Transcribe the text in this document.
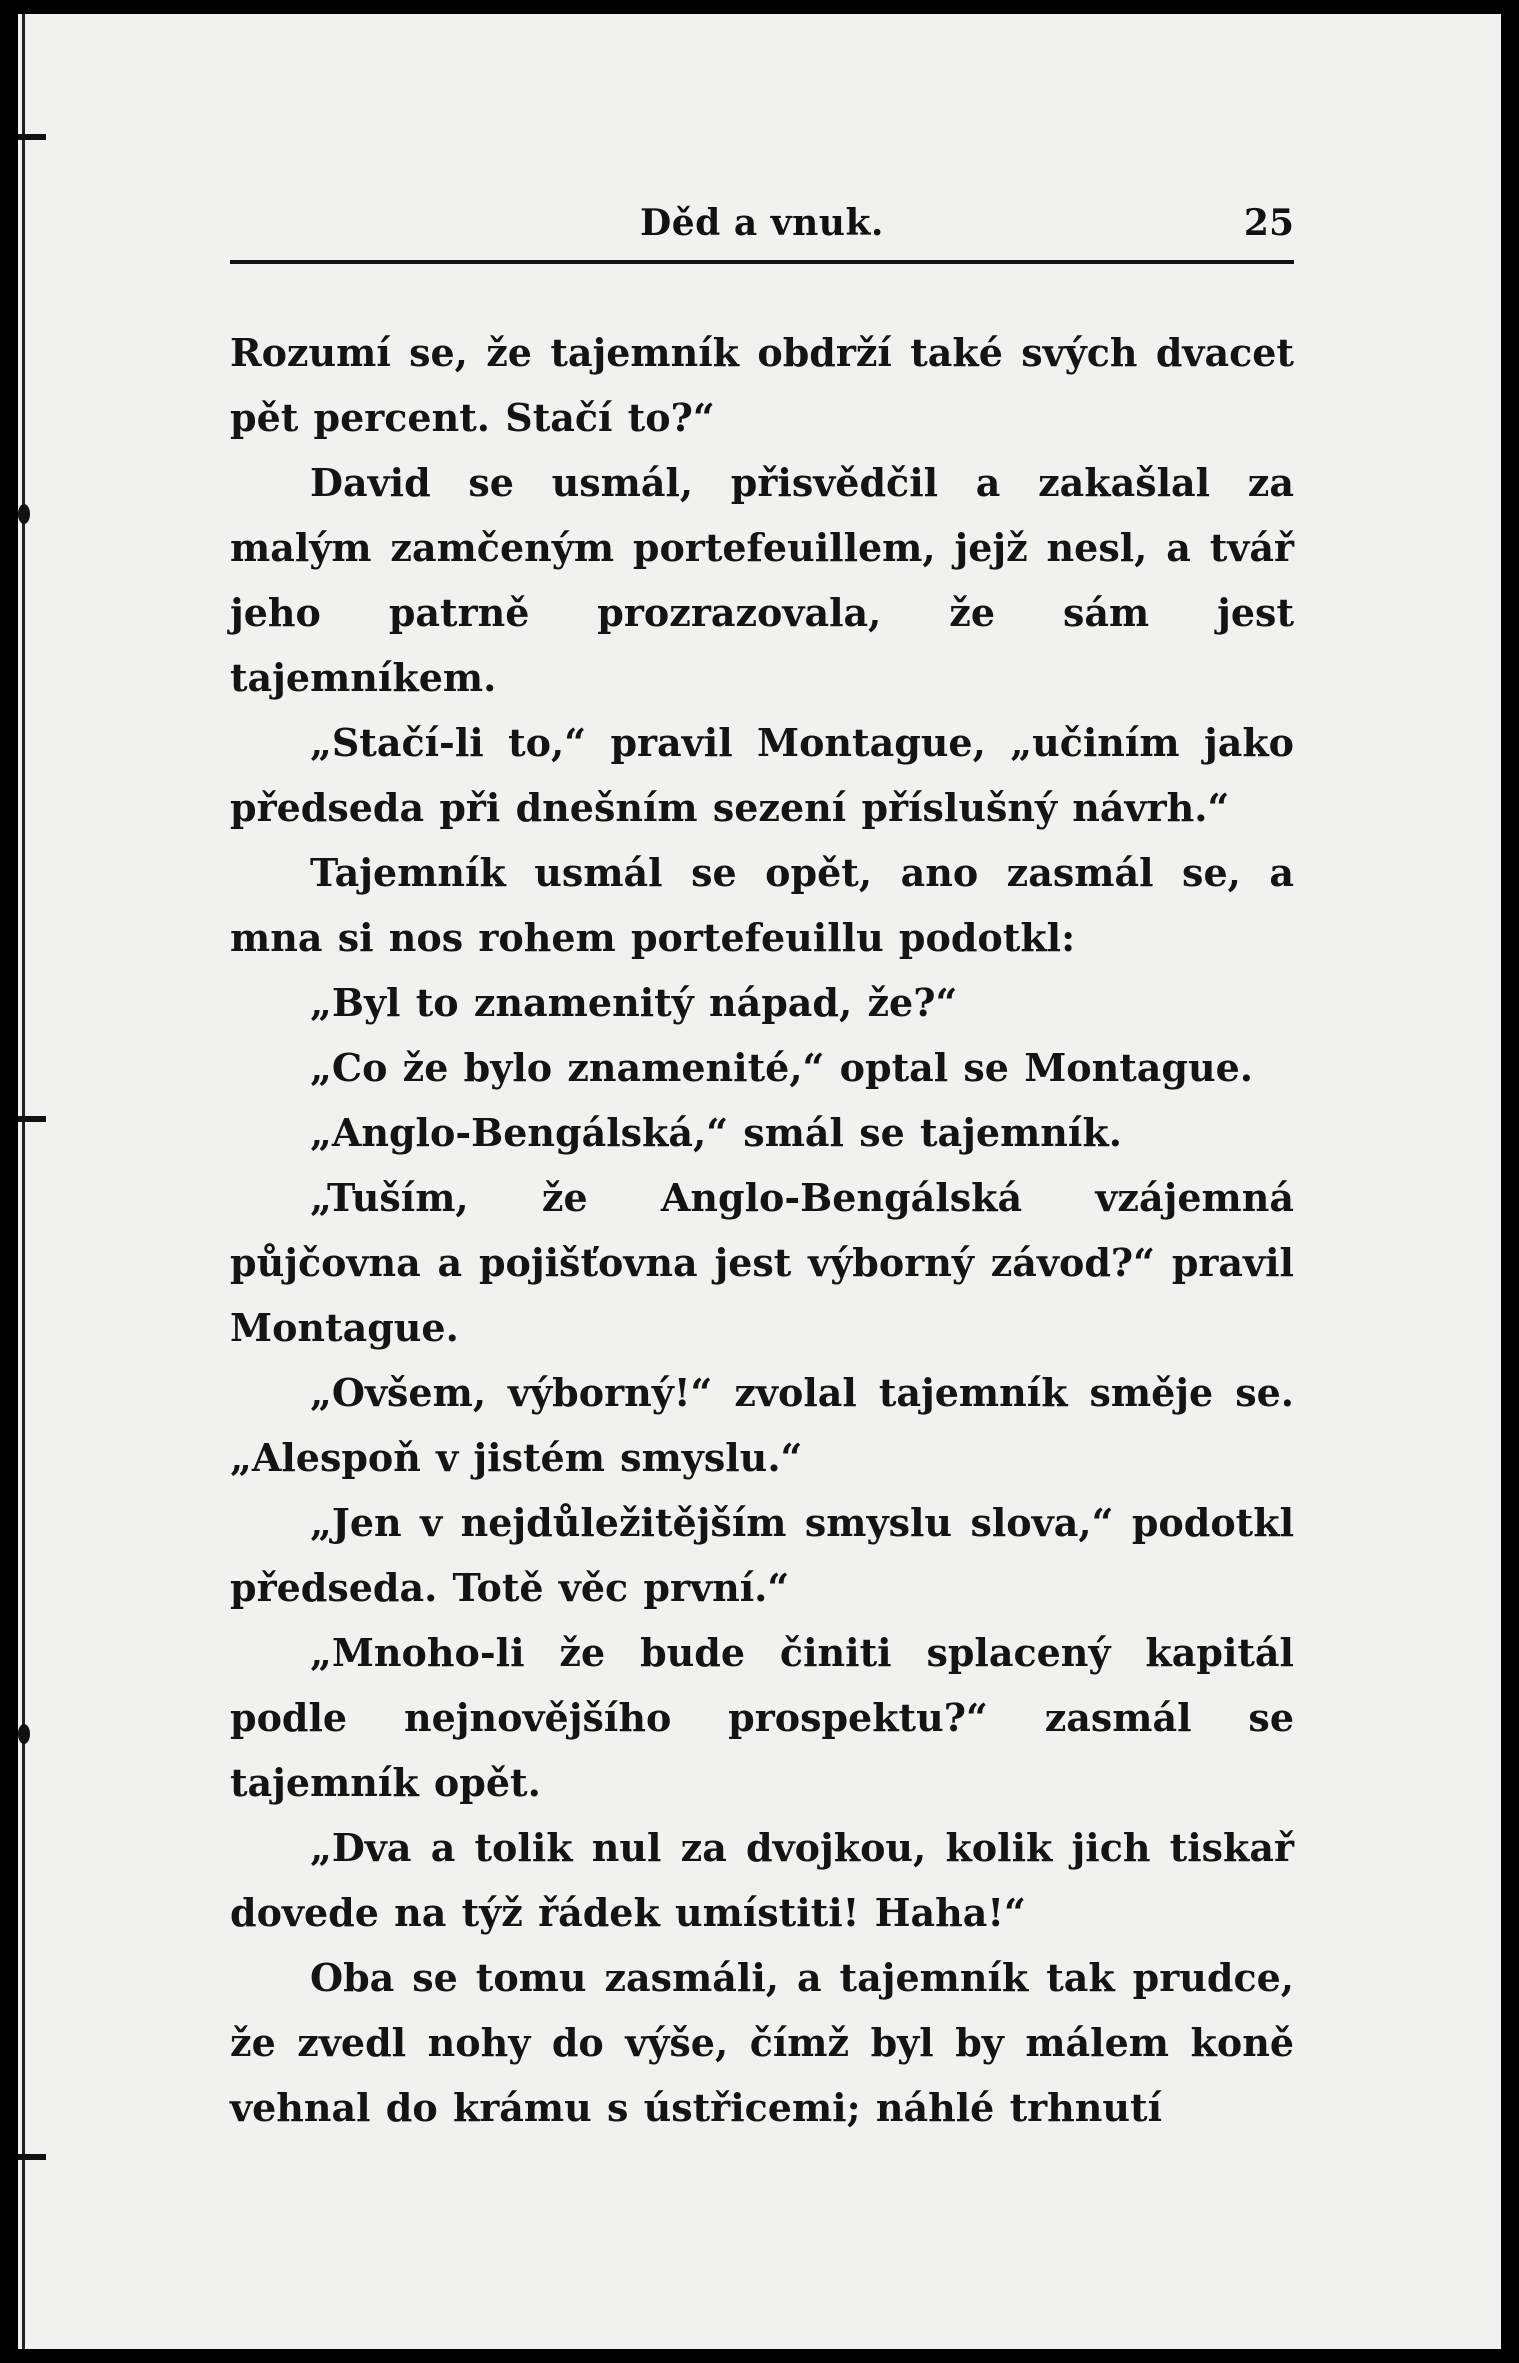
Děd a vnuk.	25

Rozumí se, že tajemník obdrží také svých dvacet pět percent. Stačí to?“

David se usmál, přisvědčil a zakašlal za malým zamčeným portefeuillem, jejž nesl, a tvář jeho patrně prozrazovala, že sám jest tajemníkem.

„Stačí-li to,“ pravil Montague, „učiním jako předseda při dnešním sezení příslušný návrh.“

Tajemník usmál se opět, ano zasmál se, a mna si nos rohem portefeuillu podotkl:

„Byl to znamenitý nápad, že?“

„Co že bylo znamenité,“ optal se Montague.

„Anglo-Bengálská,“ smál se tajemník.

„Tuším, že Anglo-Bengálská vzájemná půjčovna a pojišťovna jest výborný závod?“ pravil Montague.

„Ovšem, výborný!“ zvolal tajemník směje se. „Alespoň v jistém smyslu.“

„Jen v nejdůležitějším smyslu slova,“ podotkl předseda. Totě věc první.“

„Mnoho-li že bude činiti splacený kapitál podle nejnovějšího prospektu?“ zasmál se tajemník opět.

„Dva a tolik nul za dvojkou, kolik jich tiskař dovede na týž řádek umístiti! Haha!“

Oba se tomu zasmáli, a tajemník tak prudce, že zvedl nohy do výše, čímž byl by málem koně vehnal do krámu s ústřicemi; náhlé trhnutí
